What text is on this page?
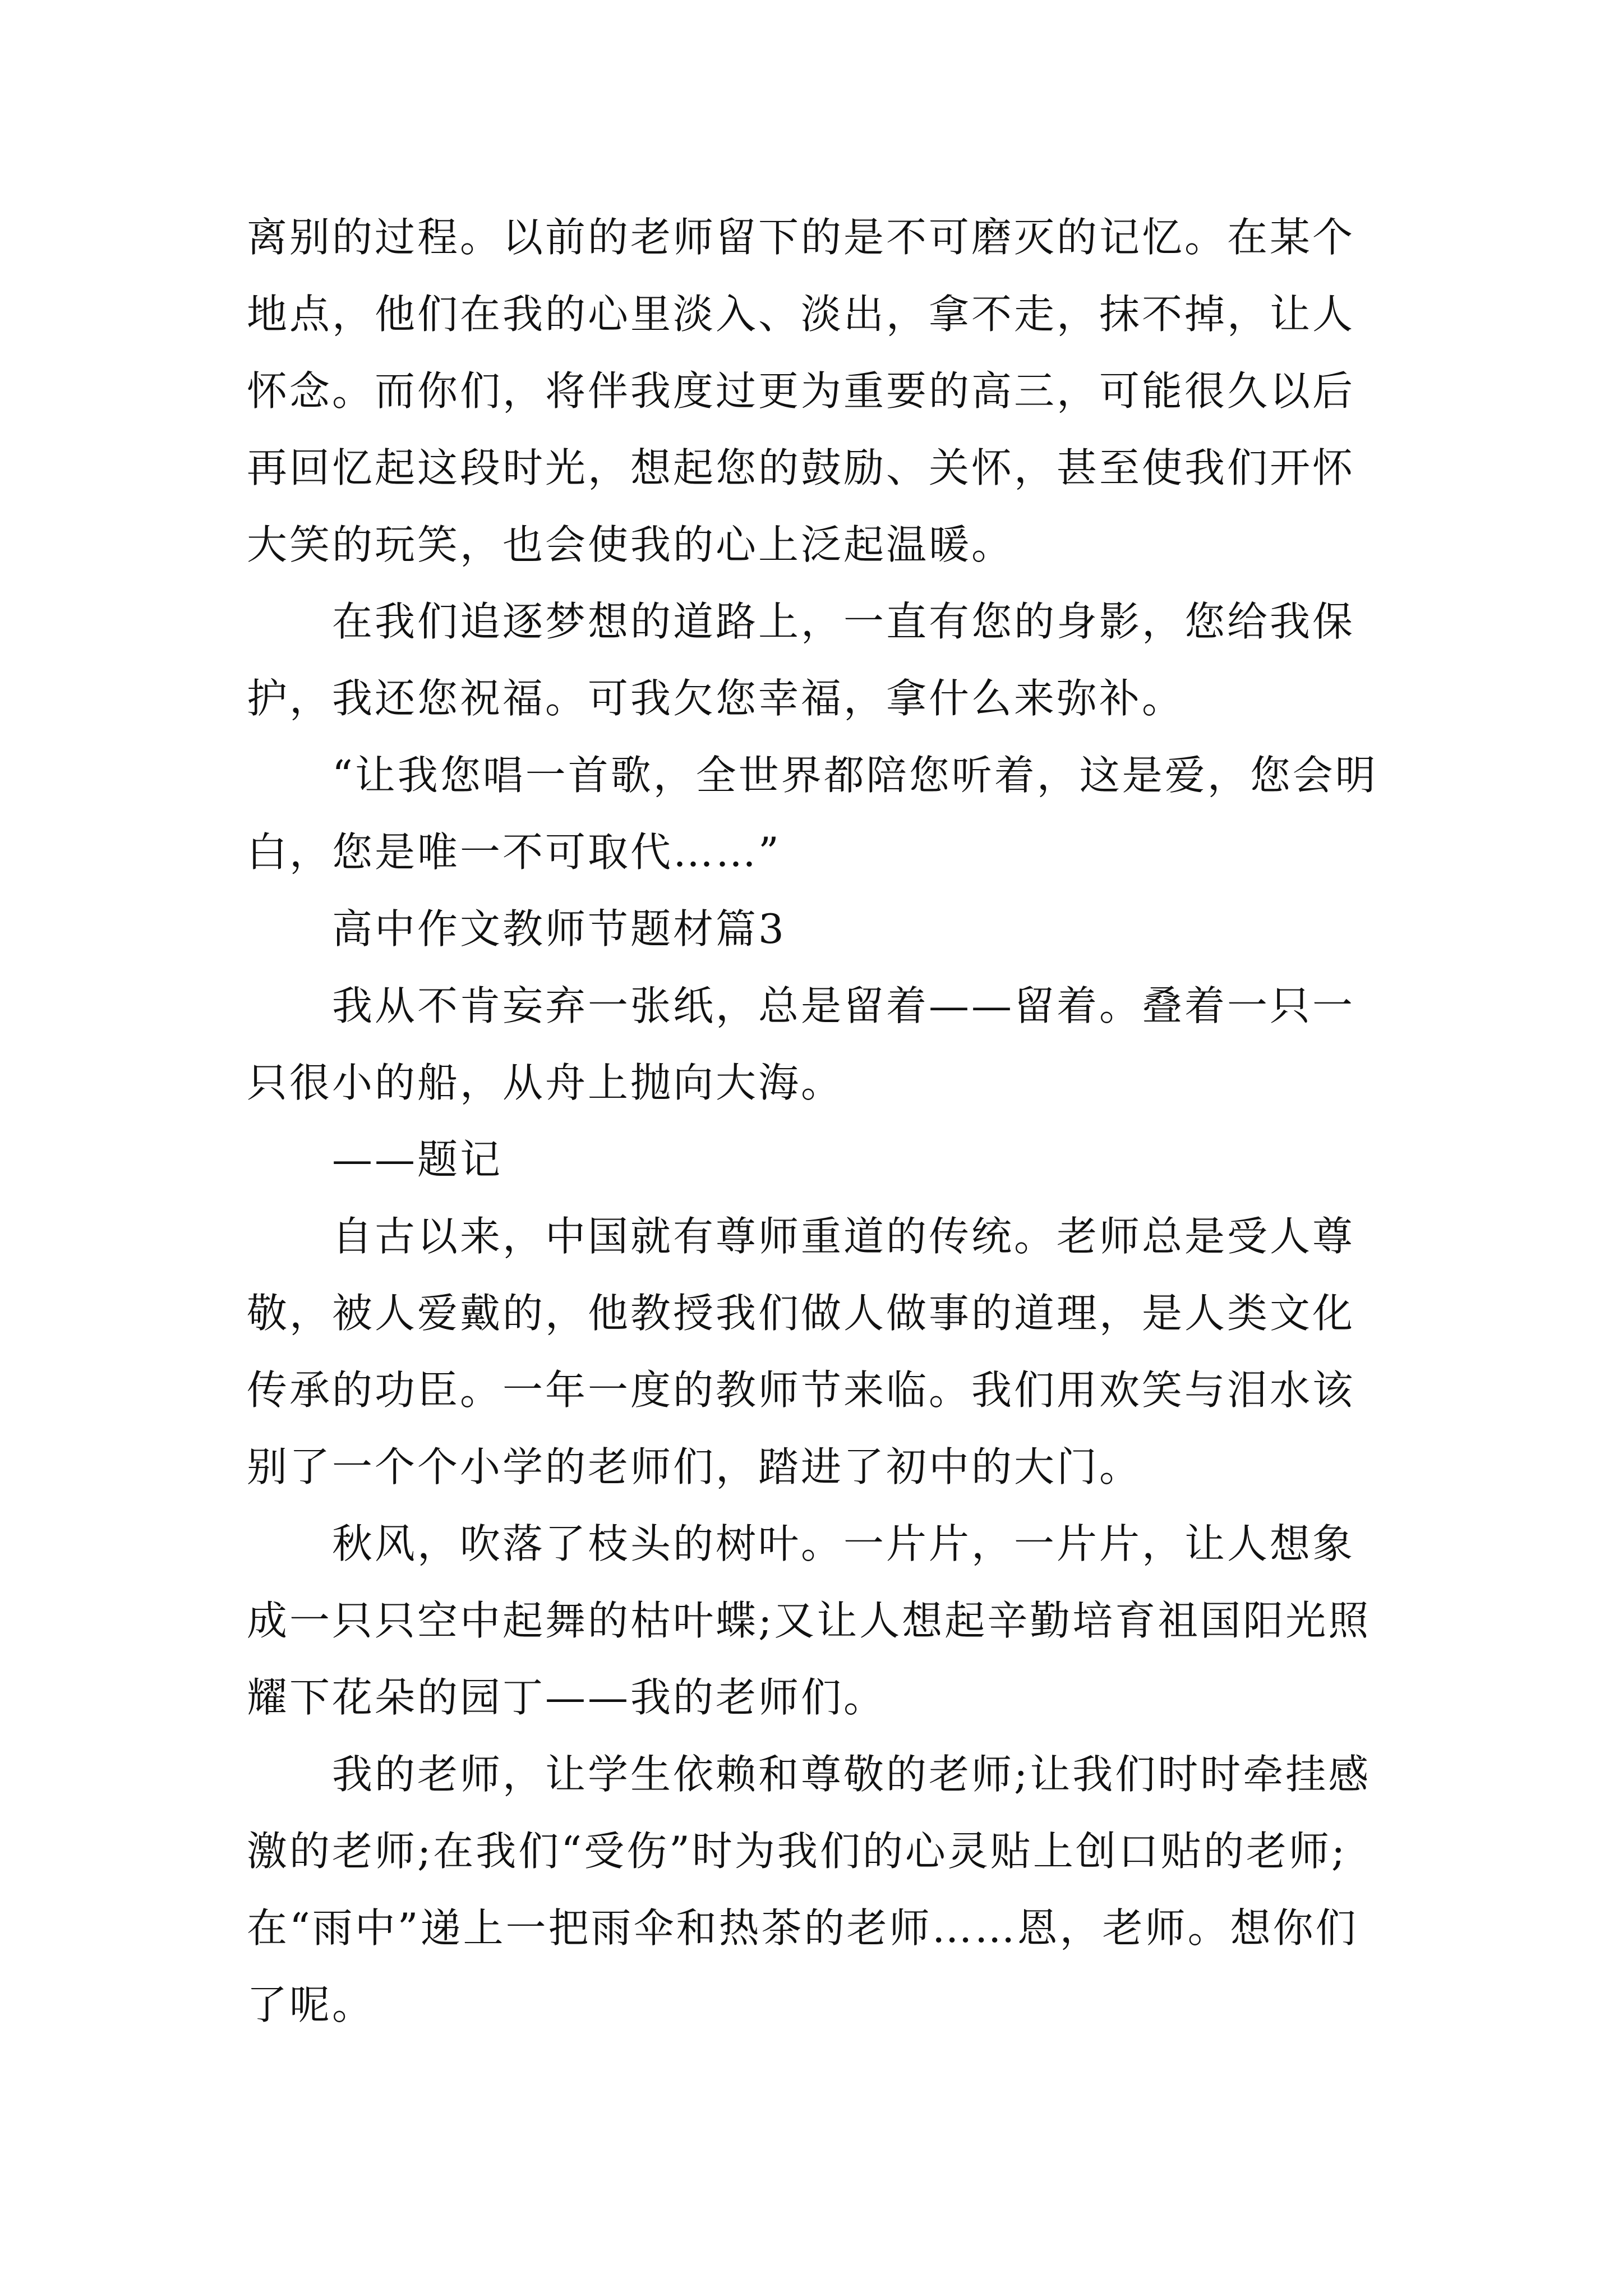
离别的过程。以前的老师留下的是不可磨灭的记忆。在某个地点，他们在我的心里淡入、淡出，拿不走，抹不掉，让人怀念。而你们，将伴我度过更为重要的高三，可能很久以后再回忆起这段时光，想起您的鼓励、关怀，甚至使我们开怀大笑的玩笑，也会使我的心上泛起温暖。

在我们追逐梦想的道路上，一直有您的身影，您给我保护，我还您祝福。可我欠您幸福，拿什么来弥补。

“让我您唱一首歌，全世界都陪您听着，这是爱，您会明白，您是唯一不可取代……”

高中作文教师节题材篇3

我从不肯妄弃一张纸，总是留着——留着。叠着一只一只很小的船，从舟上抛向大海。

——题记

自古以来，中国就有尊师重道的传统。老师总是受人尊敬，被人爱戴的，他教授我们做人做事的道理，是人类文化传承的功臣。一年一度的教师节来临。我们用欢笑与泪水该别了一个个小学的老师们，踏进了初中的大门。

秋风，吹落了枝头的树叶。一片片，一片片，让人想象成一只只空中起舞的枯叶蝶;又让人想起辛勤培育祖国阳光照耀下花朵的园丁——我的老师们。

我的老师，让学生依赖和尊敬的老师;让我们时时牵挂感激的老师;在我们“受伤”时为我们的心灵贴上创口贴的老师;在“雨中”递上一把雨伞和热茶的老师……恩，老师。想你们了呢。
